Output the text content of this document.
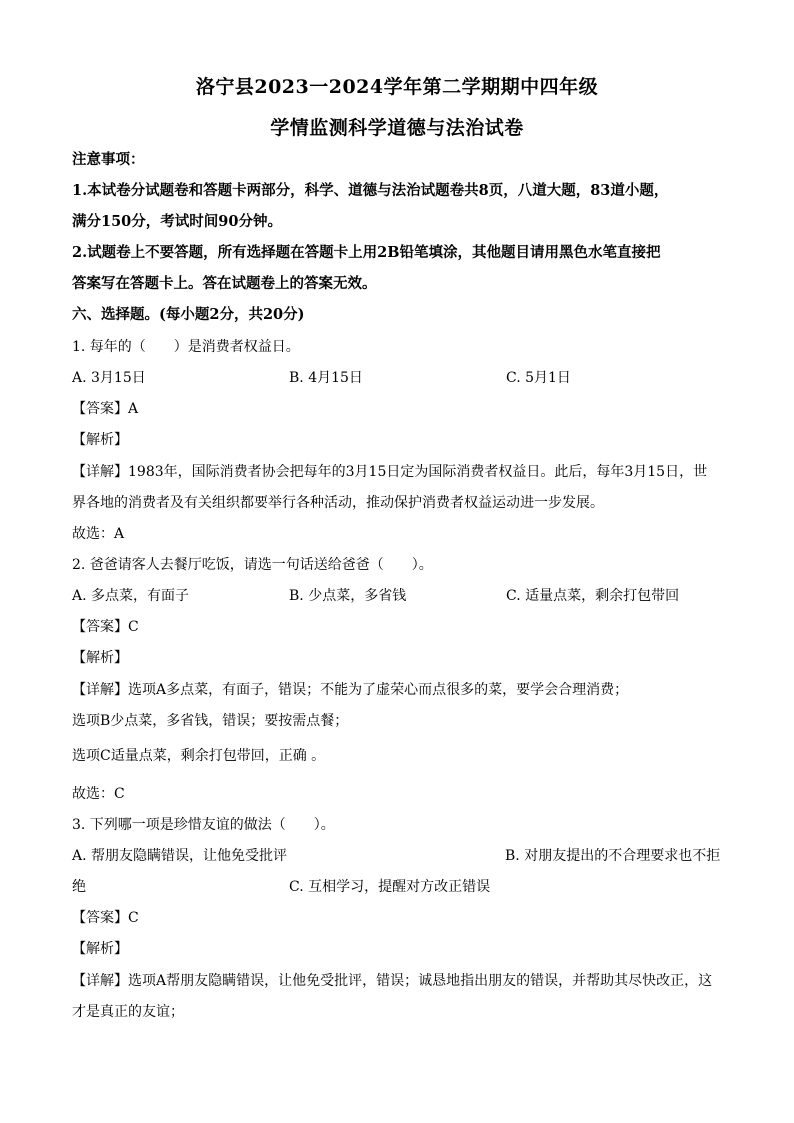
洛宁县2023一2024学年第二学期期中四年级
学情监测科学道德与法治试卷
注意事项：
1.本试卷分试题卷和答题卡两部分，科学、道德与法治试题卷共8页，八道大题，83道小题，
满分150分，考试时间90分钟。
2.试题卷上不要答题，所有选择题在答题卡上用2B铅笔填涂，其他题目请用黑色水笔直接把
答案写在答题卡上。答在试题卷上的答案无效。
六、选择题。(每小题2分，共20分)
1. 每年的（　　）是消费者权益日。
A. 3月15日	B. 4月15日	C. 5月1日
【答案】A
【解析】
【详解】1983年，国际消费者协会把每年的3月15日定为国际消费者权益日。此后，每年3月15日，世
界各地的消费者及有关组织都要举行各种活动，推动保护消费者权益运动进一步发展。
故选：A
2. 爸爸请客人去餐厅吃饭，请选一句话送给爸爸（　　）。
A. 多点菜，有面子	B. 少点菜，多省钱	C. 适量点菜，剩余打包带回
【答案】C
【解析】
【详解】选项A多点菜，有面子，错误；不能为了虚荣心而点很多的菜，要学会合理消费；
选项B少点菜，多省钱，错误；要按需点餐；
选项C适量点菜，剩余打包带回，正确 。
故选：C
3. 下列哪一项是珍惜友谊的做法（　　）。
A. 帮朋友隐瞒错误，让他免受批评	B. 对朋友提出的不合理要求也不拒
绝	C. 互相学习，提醒对方改正错误
【答案】C
【解析】
【详解】选项A帮朋友隐瞒错误，让他免受批评，错误；诚恳地指出朋友的错误，并帮助其尽快改正，这
才是真正的友谊；
